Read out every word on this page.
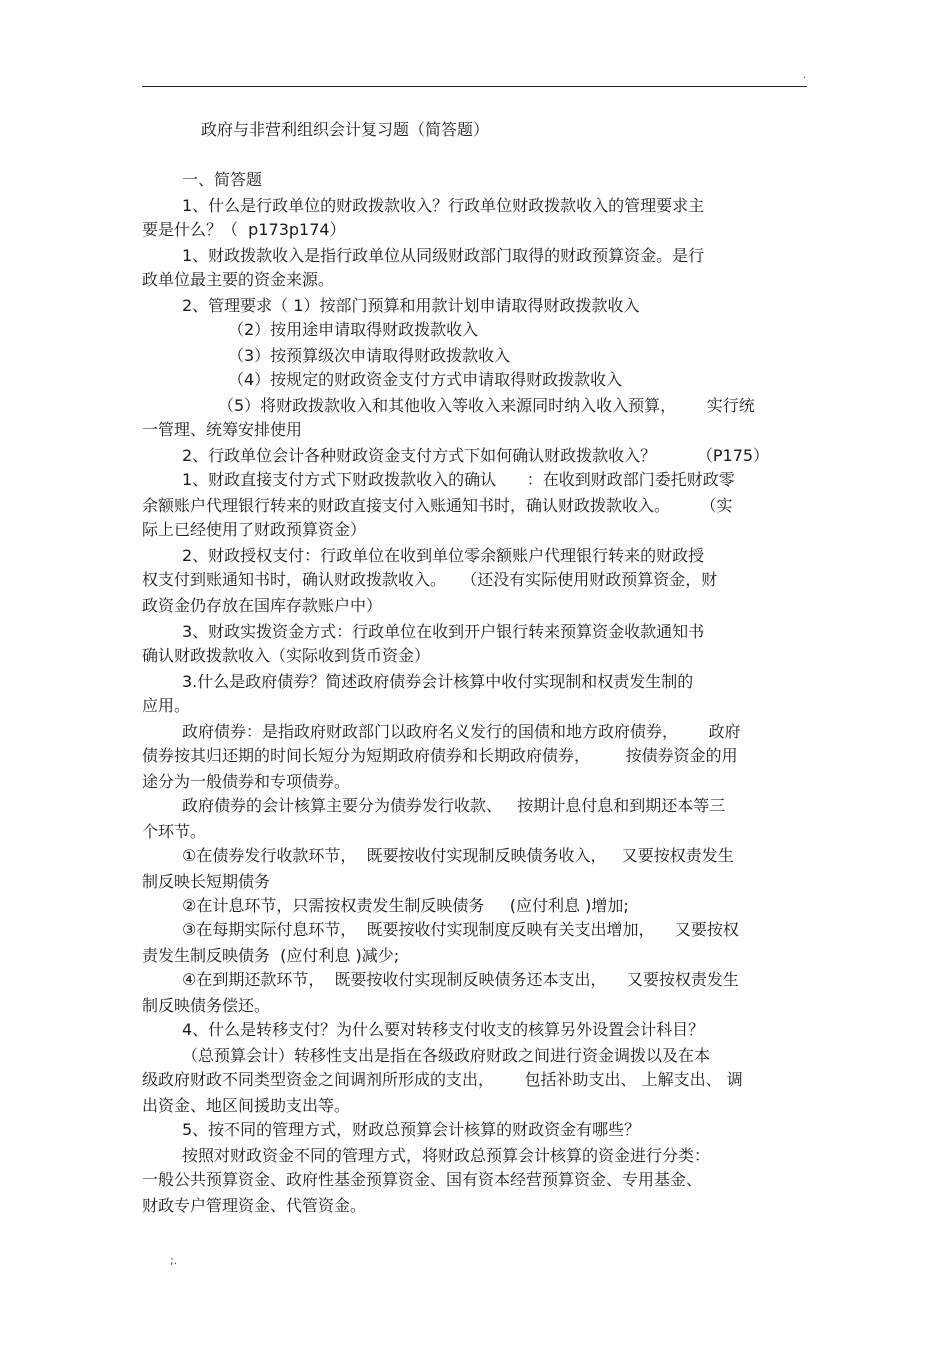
.
政府与非营利组织会计复习题（简答题）
一、简答题
1、什么是行政单位的财政拨款收入？行政单位财政拨款收入的管理要求主
要是什么？（  p173p174）
1、财政拨款收入是指行政单位从同级财政部门取得的财政预算资金。是行
政单位最主要的资金来源。
2、管理要求（ 1）按部门预算和用款计划申请取得财政拨款收入
（2）按用途申请取得财政拨款收入
（3）按预算级次申请取得财政拨款收入
（4）按规定的财政资金支付方式申请取得财政拨款收入
（5）将财政拨款收入和其他收入等收入来源同时纳入收入预算，      实行统
一管理、统筹安排使用
2、行政单位会计各种财政资金支付方式下如何确认财政拨款收入？        （P175）
1、财政直接支付方式下财政拨款收入的确认      ：在收到财政部门委托财政零
余额账户代理银行转来的财政直接支付入账通知书时，确认财政拨款收入。      （实
际上已经使用了财政预算资金）
2、财政授权支付：行政单位在收到单位零余额账户代理银行转来的财政授
权支付到账通知书时，确认财政拨款收入。   （还没有实际使用财政预算资金，财
政资金仍存放在国库存款账户中）
3、财政实拨资金方式：行政单位在收到开户银行转来预算资金收款通知书
确认财政拨款收入（实际收到货币资金）
3.什么是政府债券？简述政府债券会计核算中收付实现制和权责发生制的
应用。
政府债券：是指政府财政部门以政府名义发行的国债和地方政府债券，      政府
债券按其归还期的时间长短分为短期政府债券和长期政府债券，       按债券资金的用
途分为一般债券和专项债券。
政府债券的会计核算主要分为债券发行收款、   按期计息付息和到期还本等三
个环节。
①在债券发行收款环节，  既要按收付实现制反映债务收入，   又要按权责发生
制反映长短期债务
②在计息环节，只需按权责发生制反映债务     (应付利息 )增加;
③在每期实际付息环节，  既要按收付实现制度反映有关支出增加，    又要按权
责发生制反映债务  (应付利息 )减少;
④在到期还款环节，  既要按收付实现制反映债务还本支出，    又要按权责发生
制反映债务偿还。
4、什么是转移支付？为什么要对转移支付收支的核算另外设置会计科目？
（总预算会计）转移性支出是指在各级政府财政之间进行资金调拨以及在本
级政府财政不同类型资金之间调剂所形成的支出，      包括补助支出、 上解支出、 调
出资金、地区间援助支出等。
5、按不同的管理方式，财政总预算会计核算的财政资金有哪些？
按照对财政资金不同的管理方式，将财政总预算会计核算的资金进行分类：
一般公共预算资金、政府性基金预算资金、国有资本经营预算资金、专用基金、
财政专户管理资金、代管资金。
;.
